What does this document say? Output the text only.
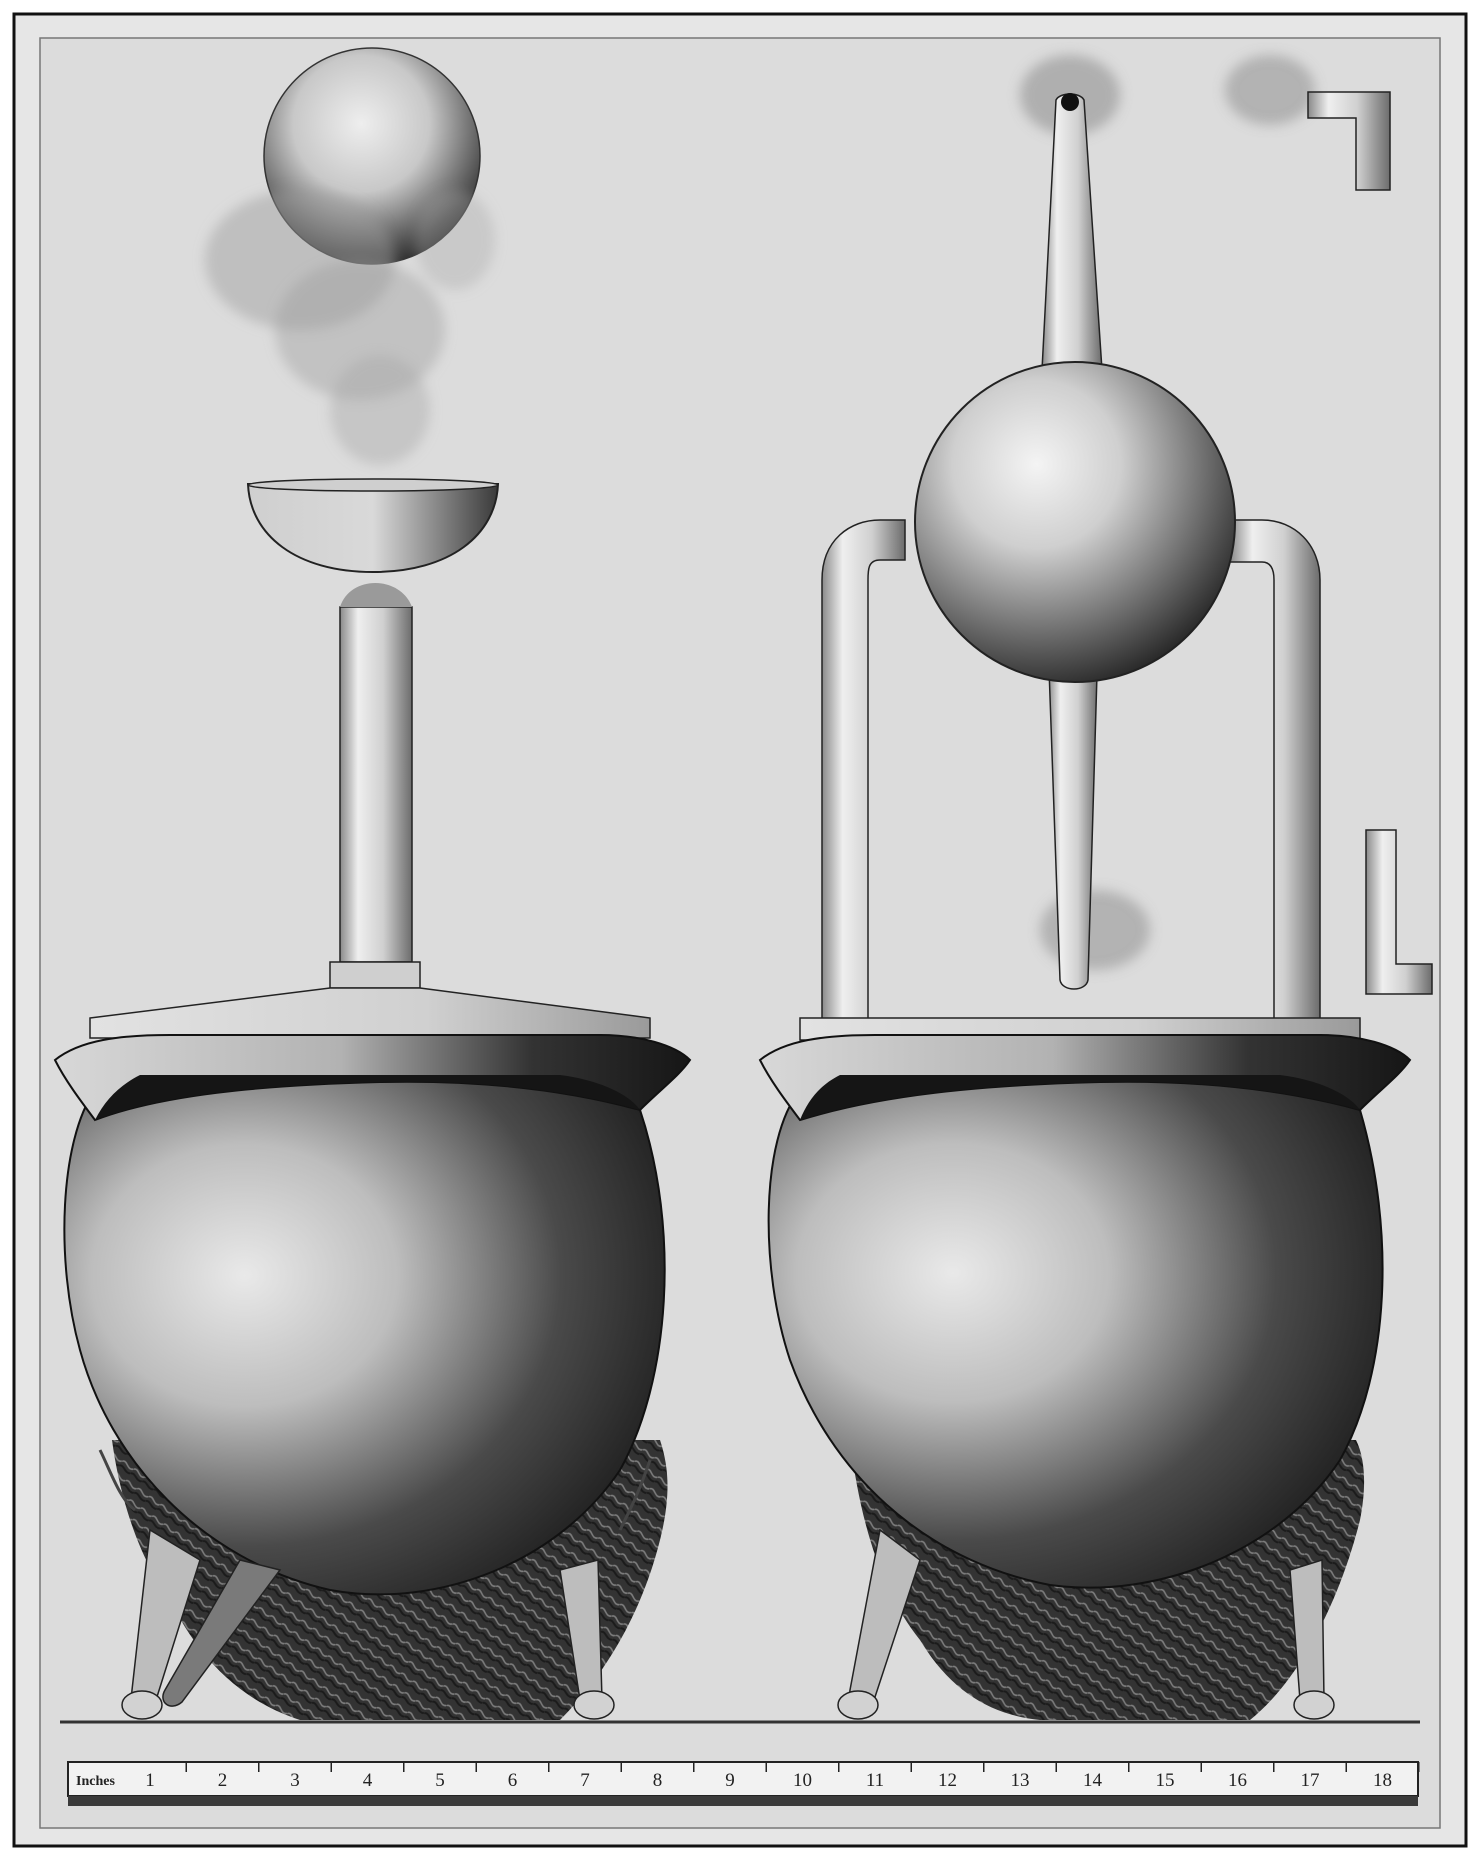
Inches 1	2	3	4	5	6	7	8	9	10	11	12	13	14	15	16	17	18
